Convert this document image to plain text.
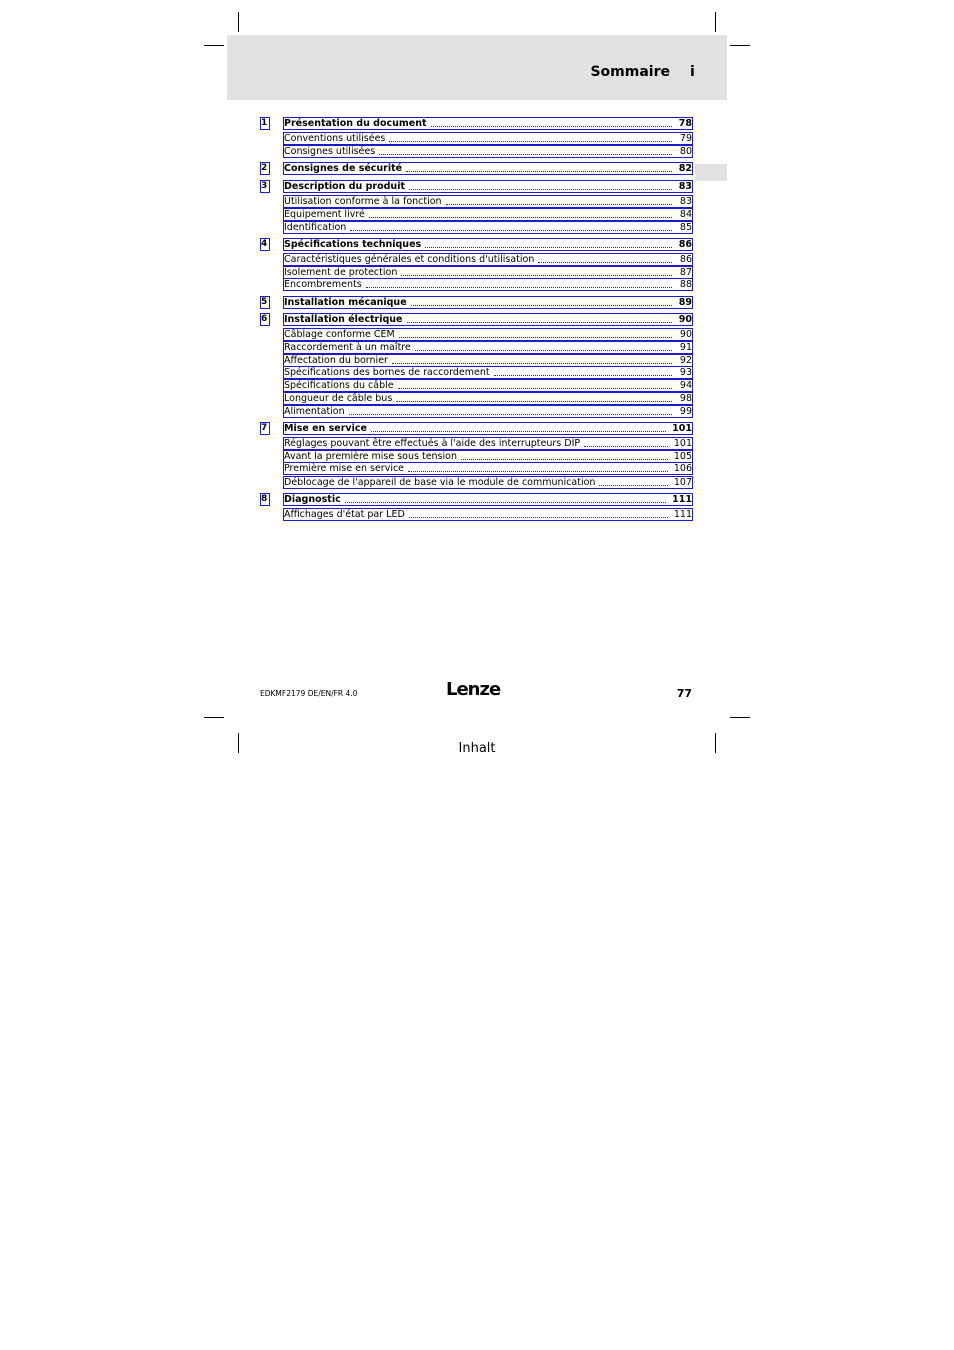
Sommaire i
1 Présentation du document	78
Conventions utilisées	79
Consignes utilisées	80
2 Consignes de sécurité	82
3 Description du produit	83
Utilisation conforme à la fonction	83
Equipement livré	84
Identification	85
4 Spécifications techniques	86
Caractéristiques générales et conditions d'utilisation	86
Isolement de protection	87
Encombrements	88
5 Installation mécanique	89
6 Installation électrique	90
Câblage conforme CEM	90
Raccordement à un maître	91
Affectation du bornier	92
Spécifications des bornes de raccordement	93
Spécifications du câble	94
Longueur de câble bus	98
Alimentation	99
7 Mise en service	101
Réglages pouvant être effectués à l'aide des interrupteurs DIP	101
Avant la première mise sous tension	105
Première mise en service	106
Déblocage de l'appareil de base via le module de communication	107
8 Diagnostic	111
Affichages d'état par LED	111
EDKMF2179 DE/EN/FR 4.0	Lenze	77
Inhalt
